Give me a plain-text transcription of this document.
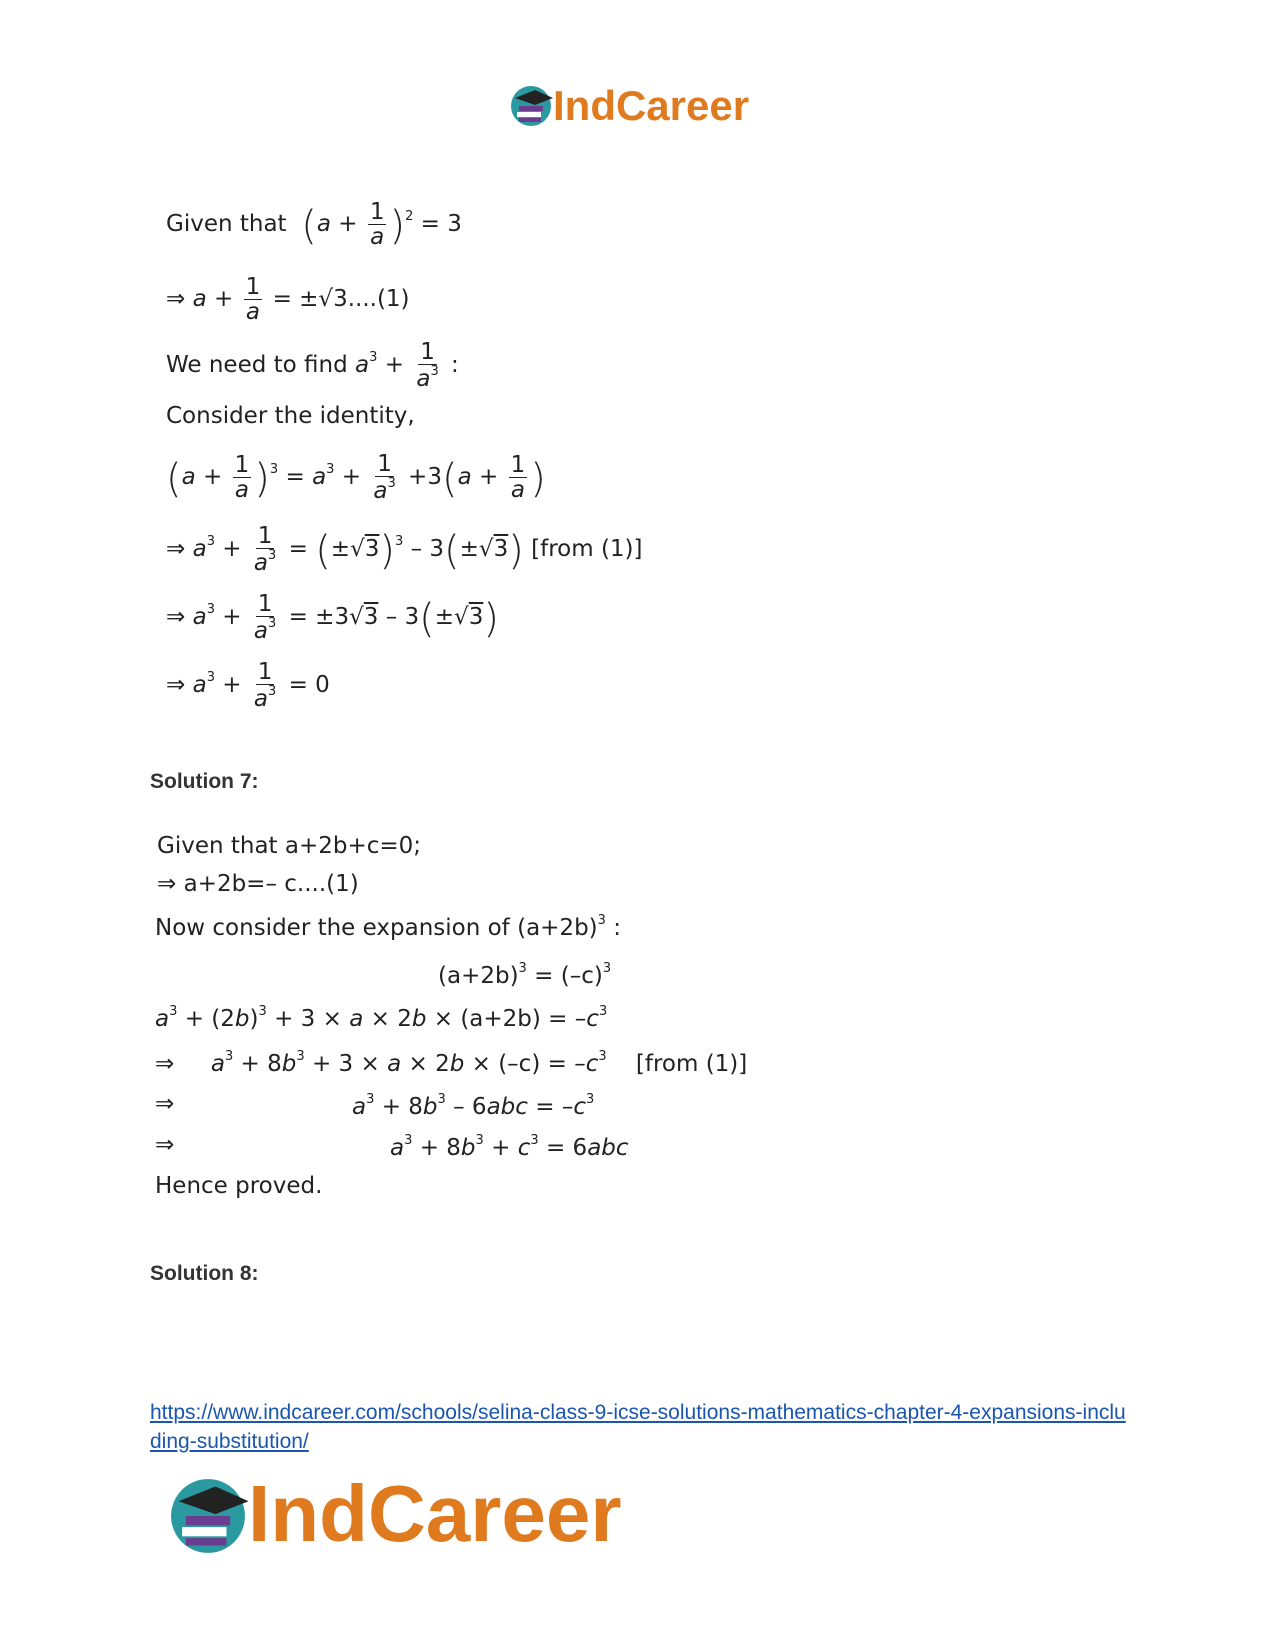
IndCareer
Given that $(a + \frac{1}{a} )^2 = 3$
⇒ $a + \frac{1}{a} = \pm√3....(1)$
We need to find $a^3 + \frac{1}{a^3}$ :
Consider the identity,
$(a + \frac{1}{a} )^3 = a^3 + \frac{1}{a^3} +3(a + \frac{1}{a}$ )
⇒ $a^3 + \frac{1}{a^3} = (\pm√3)^3 - 3(\pm√3)$ [from (1)]
⇒ $a^3 + \frac{1}{a^3} = \pm 3√3 - 3(\pm√3)$
⇒ $a^3 + \frac{1}{a^3} = 0$
Solution 7:
Given that a+2b+c=0;
⇒ a+2b=– c....(1)
Now consider the expansion of $(a+2b)^3$ :
$(a+2b)^3 = (-c)^3$
$a^3 + (2b)^3 + 3 \times a \times 2b \times (a+2b) = -c^3$
⇒     $a^3 + 8b^3 + 3 \times a \times 2b \times (-c) = -c^3$ [from (1)]
⇒	$a^3 + 8b^3 - 6abc = -c^3$
⇒	$a^3 + 8b^3 + c^3 = 6abc$
Hence proved.
Solution 8:
https://www.indcareer.com/schools/selina-class-9-icse-solutions-mathematics-chapter-4-expansions-including-substitution/
IndCareer
